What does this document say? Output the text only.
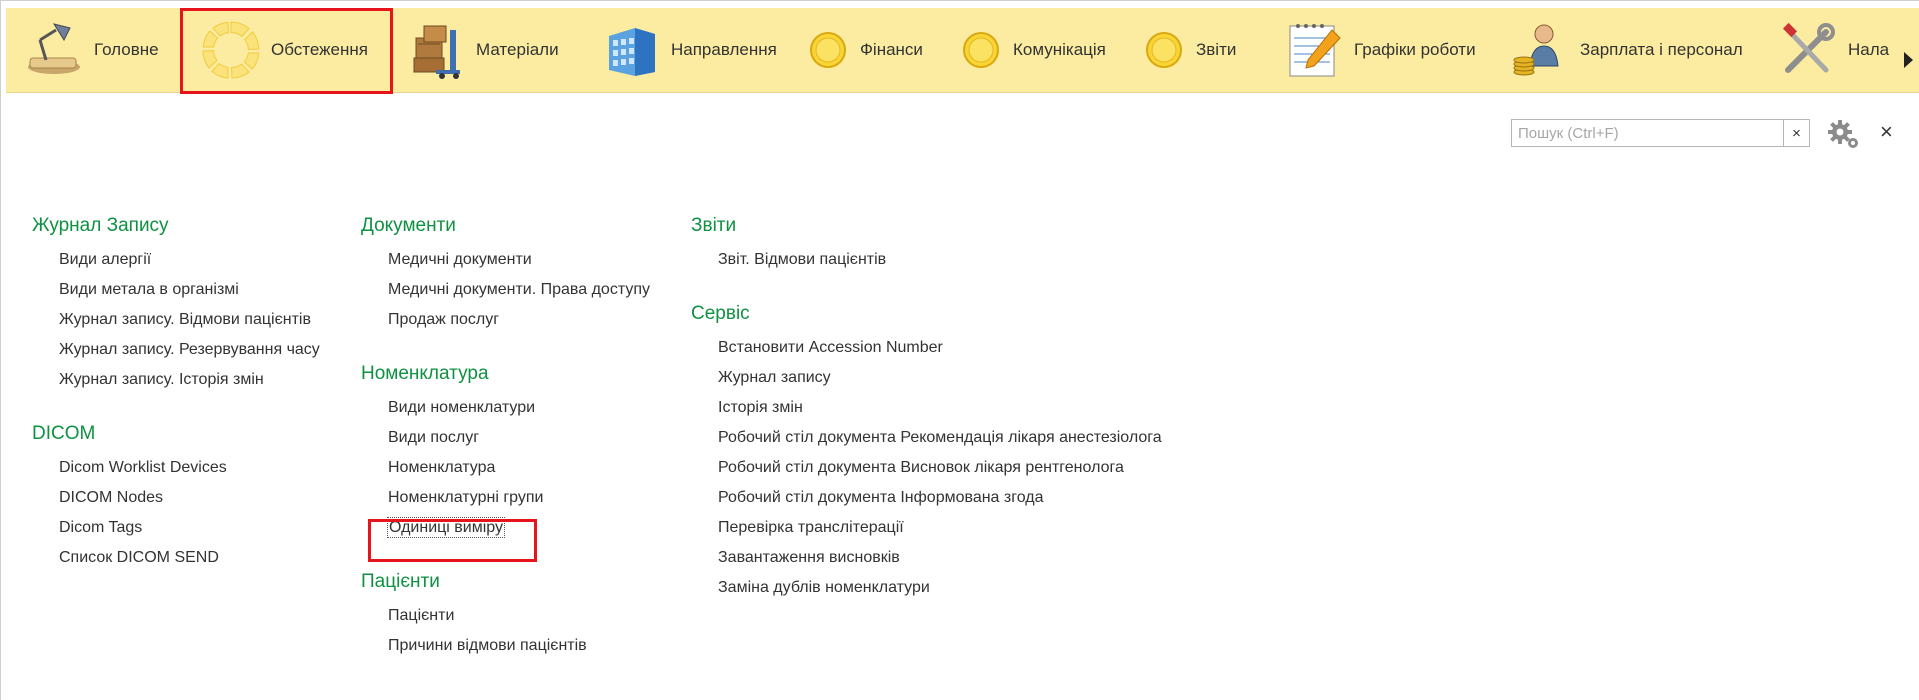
Головне	Обстеження	Матеріали	Направлення	Фінанси	Комунікація	Звіти	Графіки роботи	Зарплата і персонал	Нала
Пошук (Ctrl+F)
×	×
Журнал Запису
Види алергії
Види метала в організмі
Журнал запису. Відмови пацієнтів
Журнал запису. Резервування часу
Журнал запису. Історія змін
DICOM
Dicom Worklist Devices
DICOM Nodes
Dicom Tags
Список DICOM SEND
Документи
Медичні документи
Медичні документи. Права доступу
Продаж послуг
Номенклатура
Види номенклатури
Види послуг
Номенклатура
Номенклатурні групи
Одиниці виміру
Пацієнти
Пацієнти
Причини відмови пацієнтів
Звіти
Звіт. Відмови пацієнтів
Сервіс
Встановити Accession Number
Журнал запису
Історія змін
Робочий стіл документа Рекомендація лікаря анестезіолога
Робочий стіл документа Висновок лікаря рентгенолога
Робочий стіл документа Інформована згода
Перевірка транслітерації
Завантаження висновків
Заміна дублів номенклатури
